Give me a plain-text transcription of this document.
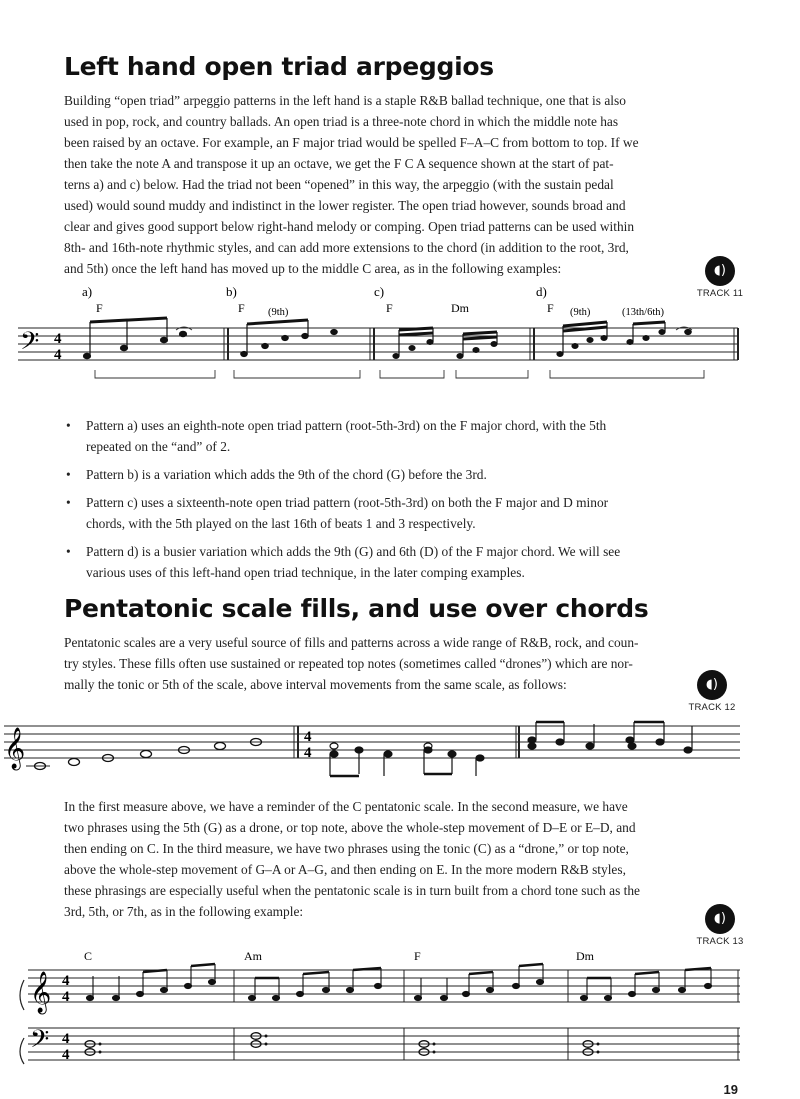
Left hand open triad arpeggios
Building “open triad” arpeggio patterns in the left hand is a staple R&B ballad technique, one that is also
used in pop, rock, and country ballads. An open triad is a three-note chord in which the middle note has
been raised by an octave. For example, an F major triad would be spelled F–A–C from bottom to top. If we
then take the note A and transpose it up an octave, we get the F C A sequence shown at the start of pat-
terns a) and c) below. Had the triad not been “opened” in this way, the arpeggio (with the sustain pedal
used) would sound muddy and indistinct in the lower register. The open triad however, sounds broad and
clear and gives good support below right-hand melody or comping. Open triad patterns can be used within
8th- and 16th-note rhythmic styles, and can add more extensions to the chord (in addition to the root, 3rd,
and 5th) once the left hand has moved up to the middle C area, as in the following examples:	◖)
TRACK 11
𝄢 4
4
a)	b)	c)	d)
F	F	F	Dm	F
(9th)	(9th)	(13th/6th)
• Pattern a) uses an eighth-note open triad pattern (root-5th-3rd) on the F major chord, with the 5th
repeated on the “and” of 2.
• Pattern b) is a variation which adds the 9th of the chord (G) before the 3rd.
• Pattern c) uses a sixteenth-note open triad pattern (root-5th-3rd) on both the F major and D minor
chords, with the 5th played on the last 16th of beats 1 and 3 respectively.
• Pattern d) is a busier variation which adds the 9th (G) and 6th (D) of the F major chord. We will see
various uses of this left-hand open triad technique, in the later comping examples.
Pentatonic scale fills, and use over chords
Pentatonic scales are a very useful source of fills and patterns across a wide range of R&B, rock, and coun-
try styles. These fills often use sustained or repeated top notes (sometimes called “drones”) which are nor-
mally the tonic or 5th of the scale, above interval movements from the same scale, as follows:	◖)
TRACK 12
𝄞	4
4
In the first measure above, we have a reminder of the C pentatonic scale. In the second measure, we have
two phrases using the 5th (G) as a drone, or top note, above the whole-step movement of D–E or E–D, and
then ending on C. In the third measure, we have two phrases using the tonic (C) as a “drone,” or top note,
above the whole-step movement of G–A or A–G, and then ending on E. In the more modern R&B styles,
these phrasings are especially useful when the pentatonic scale is in turn built from a chord tone such as the
3rd, 5th, or 7th, as in the following example:	◖)
TRACK 13
𝄞
𝄢
4
4
4
4
C	Am	F	Dm
19
